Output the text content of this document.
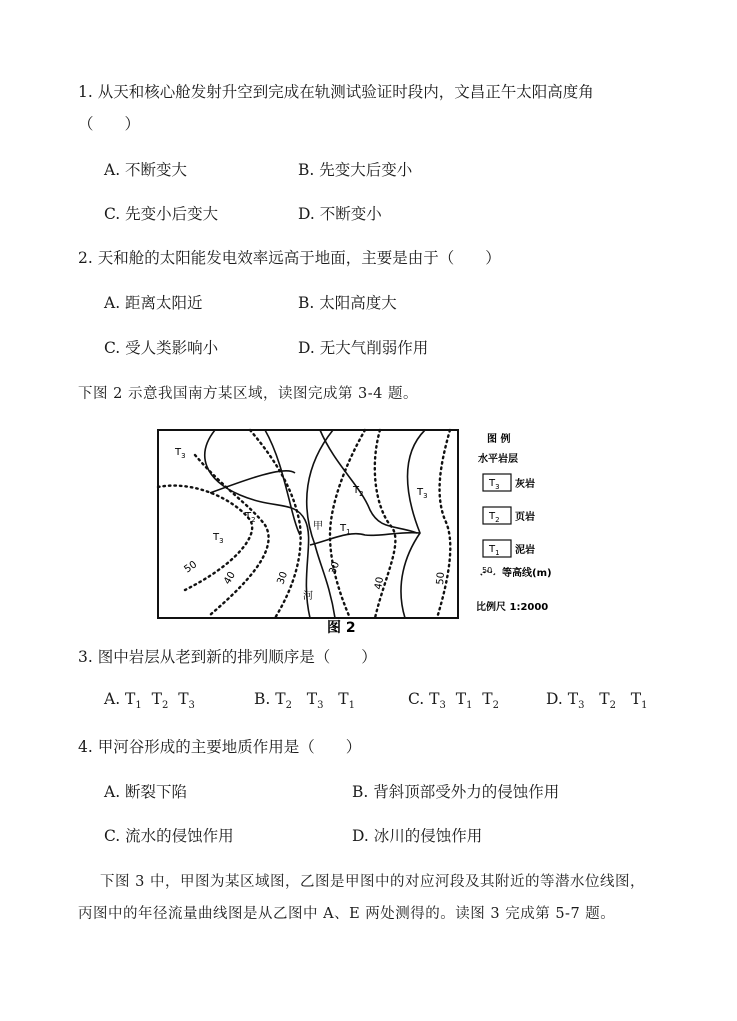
1. 从天和核心舱发射升空到完成在轨测试验证时段内，文昌正午太阳高度角
（　　）
A. 不断变大	B. 先变大后变小
C. 先变小后变大	D. 不断变小
2. 天和舱的太阳能发电效率远高于地面，主要是由于（　　）
A. 距离太阳近	B. 太阳高度大
C. 受人类影响小	D. 无大气削弱作用
下图 2 示意我国南方某区域，读图完成第 3-4 题。
$T_3$
$T_2$
$T_3$
$T_2$
$T_1$
$T_3$
甲
河
50
40	30
30
40	50
图 例
水平岩层
$T_3$ 灰岩
$T_2$ 页岩
$T_1$ 泥岩
50 等高线(m)
比例尺 1:2000
图 2
3. 图中岩层从老到新的排列顺序是（　　）
A. $T_1$  $T_2$  $T_3$	B. $T_2$   $T_3$   $T_1$	C. $T_3$  $T_1$  $T_2$	D. $T_3$   $T_2$   $T_1$
4. 甲河谷形成的主要地质作用是（　　）
A. 断裂下陷	B. 背斜顶部受外力的侵蚀作用
C. 流水的侵蚀作用	D. 冰川的侵蚀作用
下图 3 中，甲图为某区域图，乙图是甲图中的对应河段及其附近的等潜水位线图，
丙图中的年径流量曲线图是从乙图中 A、E 两处测得的。读图 3 完成第 5-7 题。
